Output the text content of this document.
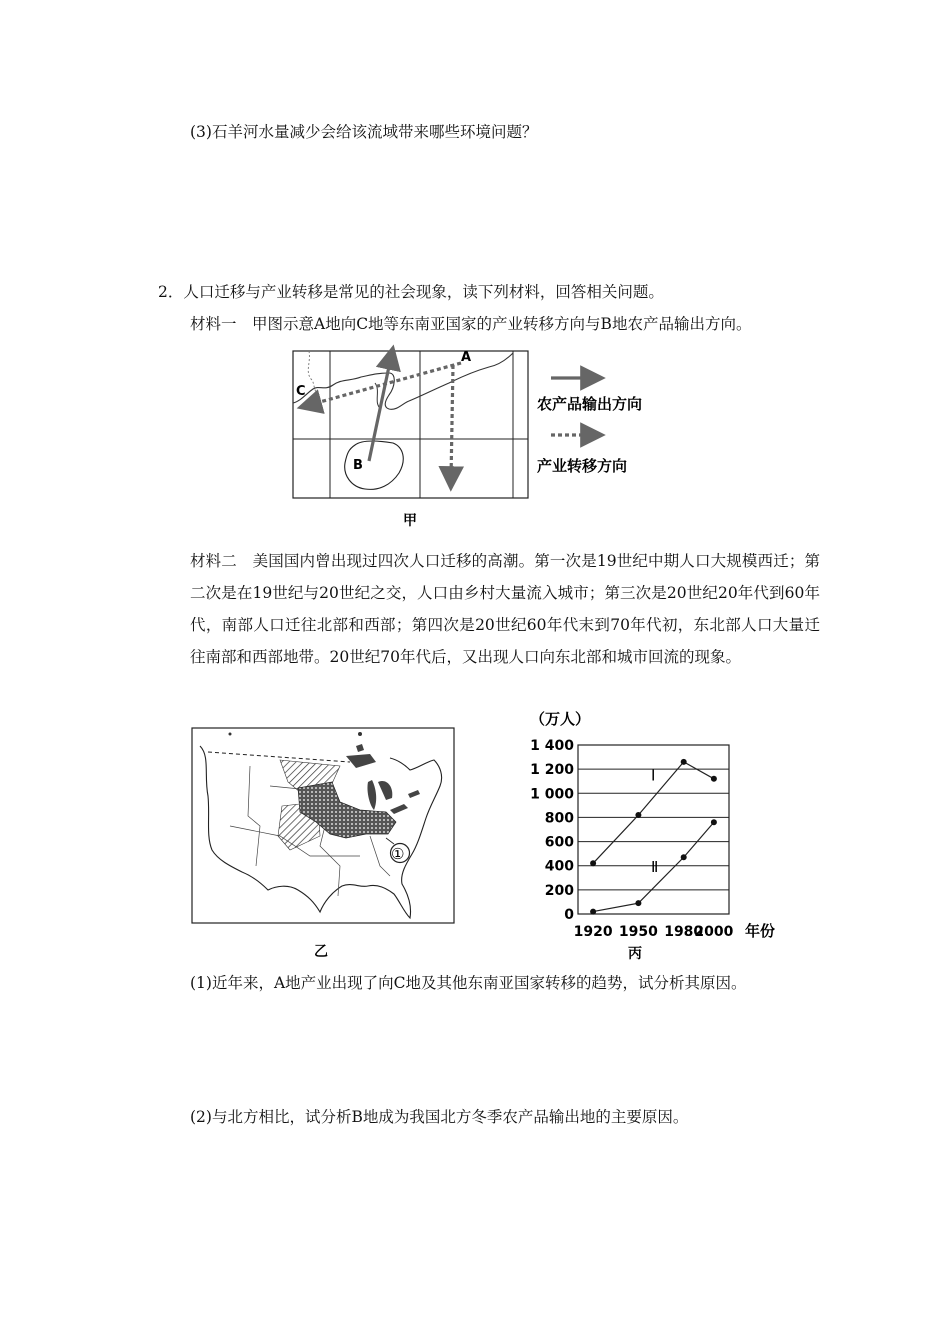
(3)石羊河水量减少会给该流域带来哪些环境问题？
2．人口迁移与产业转移是常见的社会现象，读下列材料，回答相关问题。
材料一　甲图示意A地向C地等东南亚国家的产业转移方向与B地农产品输出方向。
A
C
B
农产品输出方向
产业转移方向
甲
材料二　美国国内曾出现过四次人口迁移的高潮。第一次是19世纪中期人口大规模西迁；第二次是在19世纪与20世纪之交，人口由乡村大量流入城市；第三次是20世纪20年代到60年代，南部人口迁往北部和西部；第四次是20世纪60年代末到70年代初，东北部人口大量迁往南部和西部地带。20世纪70年代后，又出现人口向东北部和城市回流的现象。
①
乙
（万人）
0
200
400
600
800
1 000
1 200
1 400
1920 1950 1980
2000
Ⅰ
Ⅱ
年份
丙
(1)近年来，A地产业出现了向C地及其他东南亚国家转移的趋势，试分析其原因。
(2)与北方相比，试分析B地成为我国北方冬季农产品输出地的主要原因。
